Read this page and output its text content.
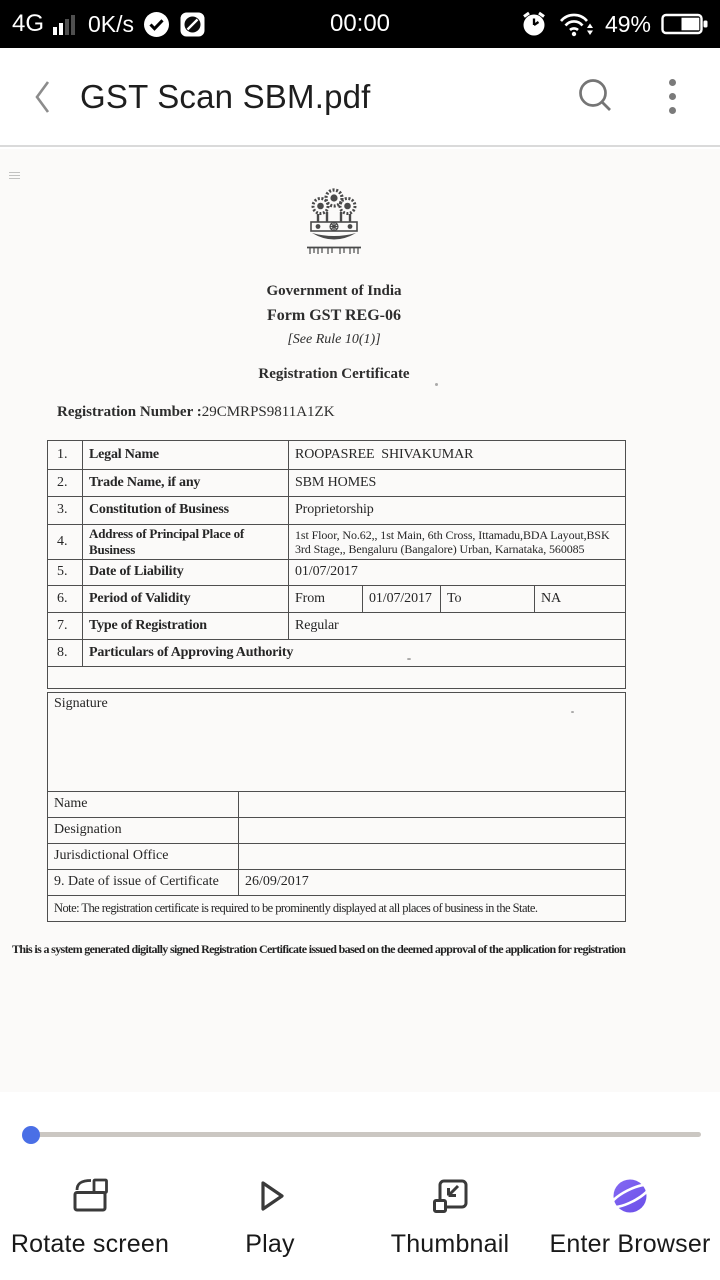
4G 0K/s	00:00	49%
GST Scan SBM.pdf
Government of India
Form GST REG-06
[See Rule 10(1)]
Registration Certificate
Registration Number :29CMRPS9811A1ZK
1.	Legal Name	ROOPASREE  SHIVAKUMAR			
2.	Trade Name, if any	SBM HOMES			
3.	Constitution of Business	Proprietorship			
4.	Address of Principal Place of Business	1st Floor, No.62,, 1st Main, 6th Cross, Ittamadu,BDA Layout,BSK 3rd Stage,, Bengaluru (Bangalore) Urban, Karnataka, 560085			
5.	Date of Liability	01/07/2017			
6.	Period of Validity	From	01/07/2017	To	NA
7.	Type of Registration	Regular			
8.	Particulars of Approving Authority				

Signature	
Name	
Designation	
Jurisdictional Office	
9. Date of issue of Certificate	26/09/2017
Note: The registration certificate is required to be prominently displayed at all places of business in the State.	
This is a system generated digitally signed Registration Certificate issued based on the deemed approval of the application for registration
Rotate screen	Play	Thumbnail Enter Browser
